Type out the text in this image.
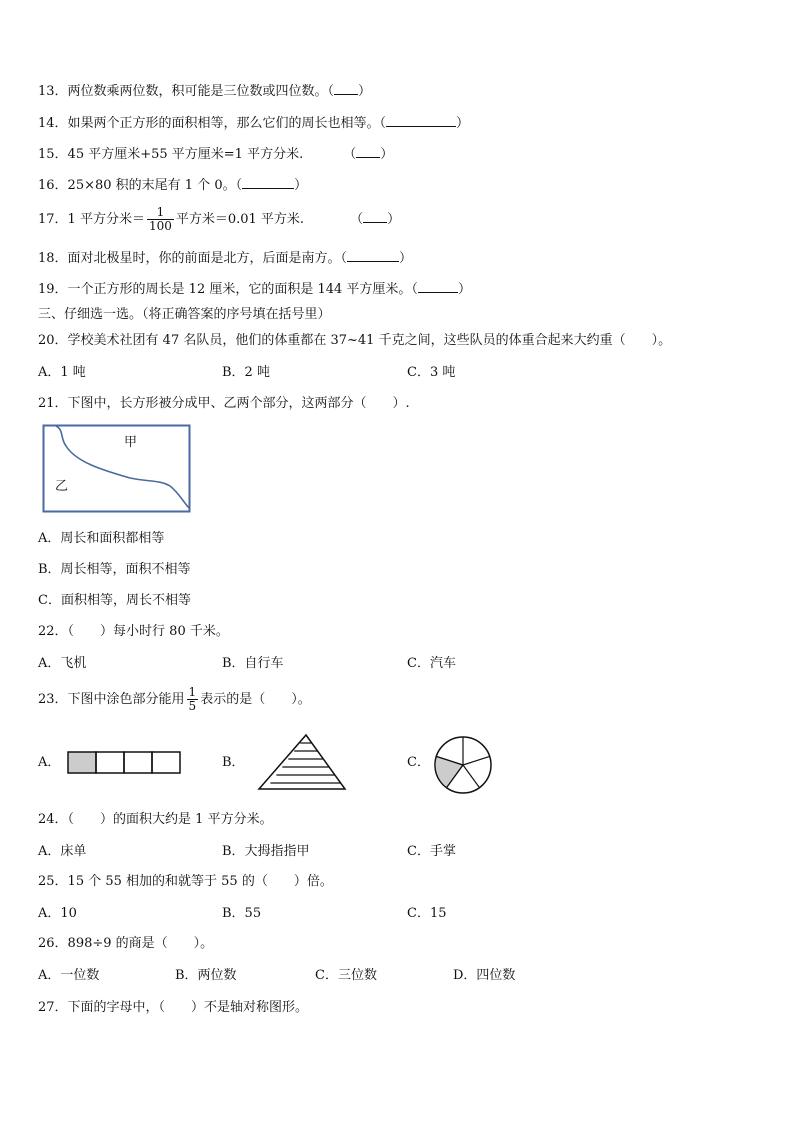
13．两位数乘两位数，积可能是三位数或四位数。（ ）
14．如果两个正方形的面积相等，那么它们的周长也相等。（	）
15．45 平方厘米+55 平方厘米=1 平方分米.	（ ）
16．25×80 积的末尾有 1 个 0。（	）
17．1 平方分米＝ $\frac{1}{100}$ 平方米＝0.01 平方米.	（ ）
18．面对北极星时，你的前面是北方，后面是南方。（	）
19．一个正方形的周长是 12 厘米，它的面积是 144 平方厘米。（	）
三、仔细选一选。（将正确答案的序号填在括号里）
20．学校美术社团有 47 名队员，他们的体重都在 37~41 千克之间，这些队员的体重合起来大约重（　　）。
A．1 吨	B．2 吨	C．3 吨
21．下图中，长方形被分成甲、乙两个部分，这两部分（　　）.
甲
乙
A．周长和面积都相等
B．周长相等，面积不相等
C．面积相等，周长不相等
22．（　　）每小时行 80 千米。
A．飞机	B．自行车	C．汽车
23．下图中涂色部分能用 $\frac{1}{5}$ 表示的是（　　）。
A．	B．	C．
24．（　　）的面积大约是 1 平方分米。
A．床单	B．大拇指指甲	C．手掌
25．15 个 55 相加的和就等于 55 的（　　）倍。
A．10	B．55	C．15
26．898÷9 的商是（　　）。
A．一位数	B．两位数	C．三位数	D．四位数
27．下面的字母中，（　　）不是轴对称图形。
